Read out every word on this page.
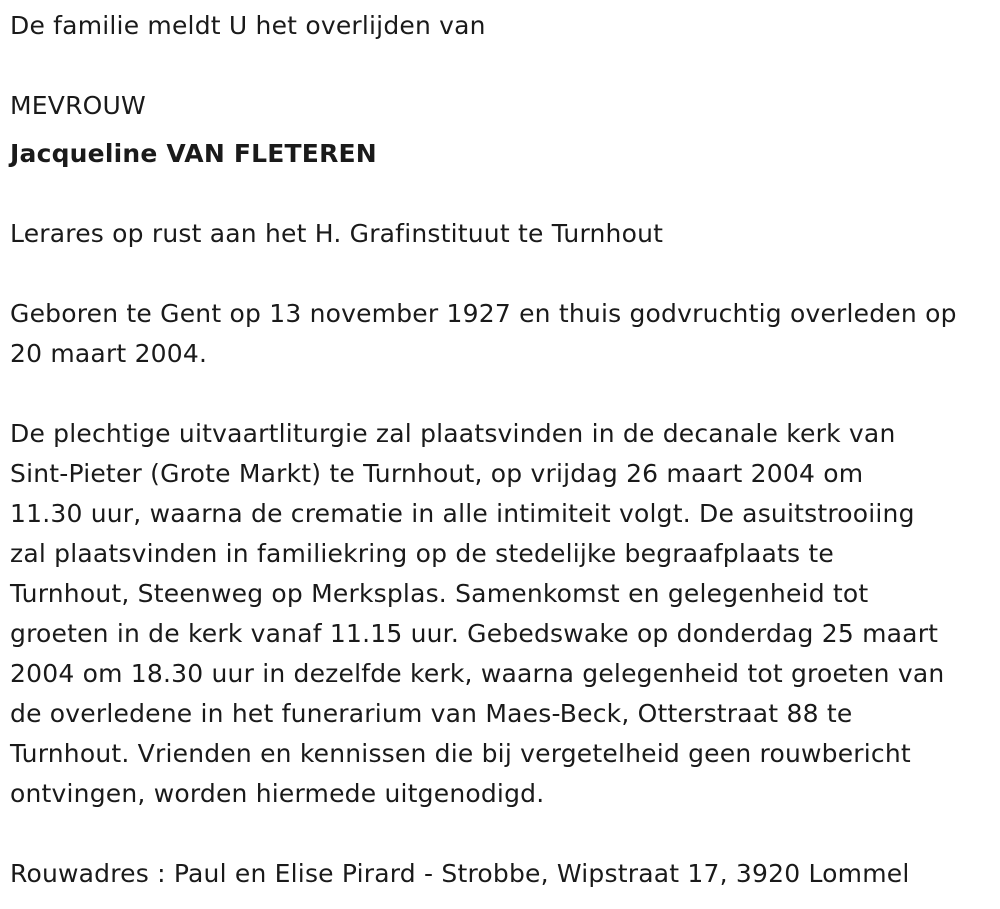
De familie meldt U het overlijden van

MEVROUW

Jacqueline VAN FLETEREN

Lerares op rust aan het H. Grafinstituut te Turnhout

Geboren te Gent op 13 november 1927 en thuis godvruchtig overleden op 20 maart 2004.

De plechtige uitvaartliturgie zal plaatsvinden in de decanale kerk van

Sint-Pieter (Grote Markt) te Turnhout, op vrijdag 26 maart 2004 om

11.30 uur, waarna de crematie in alle intimiteit volgt. De asuitstrooiing

zal plaatsvinden in familiekring op de stedelijke begraafplaats te

Turnhout, Steenweg op Merksplas. Samenkomst en gelegenheid tot

groeten in de kerk vanaf 11.15 uur. Gebedswake op donderdag 25 maart

2004 om 18.30 uur in dezelfde kerk, waarna gelegenheid tot groeten van

de overledene in het funerarium van Maes-Beck, Otterstraat 88 te

Turnhout. Vrienden en kennissen die bij vergetelheid geen rouwbericht

ontvingen, worden hiermede uitgenodigd.

Rouwadres : Paul en Elise Pirard - Strobbe, Wipstraat 17, 3920 Lommel
